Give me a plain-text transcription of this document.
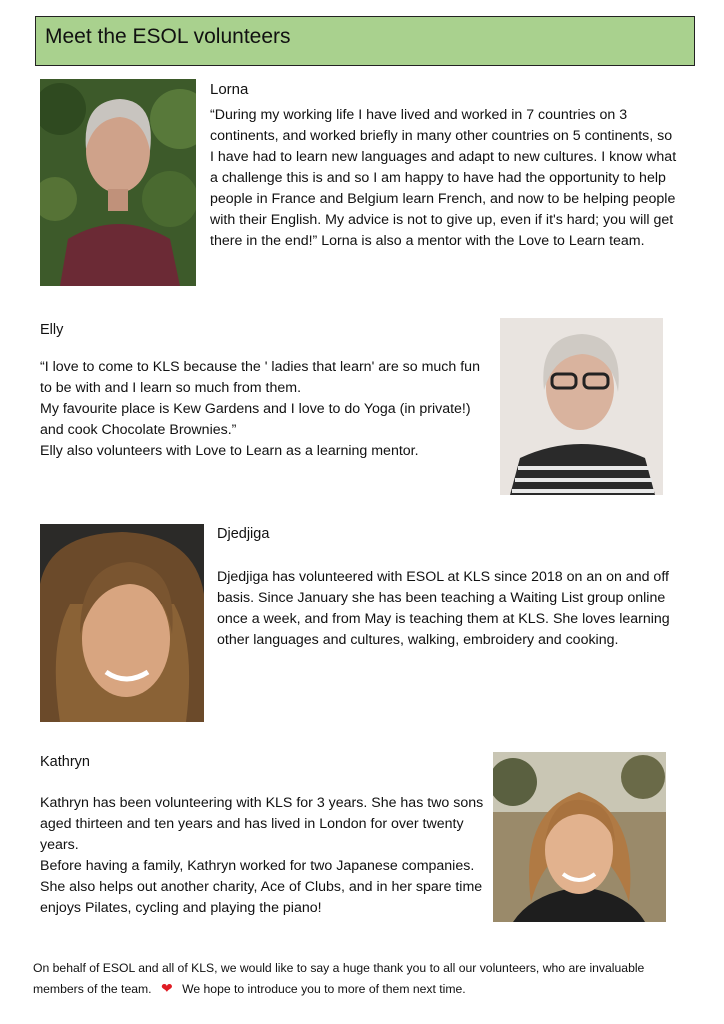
Meet the ESOL volunteers
Lorna

“During my working life I have lived and worked in 7 countries on 3 continents, and worked briefly in many other countries on 5 continents, so I have had to learn new languages and adapt to new cultures. I know what a challenge this is and so I am happy to have had the opportunity to help people in France and Belgium learn French, and now to be helping people with their English. My advice is not to give up, even if it's hard; you will get there in the end!” Lorna is also a mentor with the Love to Learn team.

Elly

“I love to come to KLS because the ' ladies that learn' are so much fun to be with and I learn so much from them.

My favourite place is Kew Gardens and I love to do Yoga (in private!) and cook Chocolate Brownies.”

Elly also volunteers with Love to Learn as a learning mentor.

Djedjiga

Djedjiga has volunteered with ESOL at KLS since 2018 on an on and off basis. Since January she has been teaching a Waiting List group online once a week, and from May is teaching them at KLS. She loves learning other languages and cultures, walking, embroidery and cooking.

Kathryn

Kathryn has been volunteering with KLS for 3 years. She has two sons aged thirteen and ten years and has lived in London for over twenty years.

Before having a family, Kathryn worked for two Japanese companies. She also helps out another charity, Ace of Clubs, and in her spare time enjoys Pilates, cycling and playing the piano!

On behalf of ESOL and all of KLS, we would like to say a huge thank you to all our volunteers, who are invaluable members of the team. ❤ We hope to introduce you to more of them next time.
